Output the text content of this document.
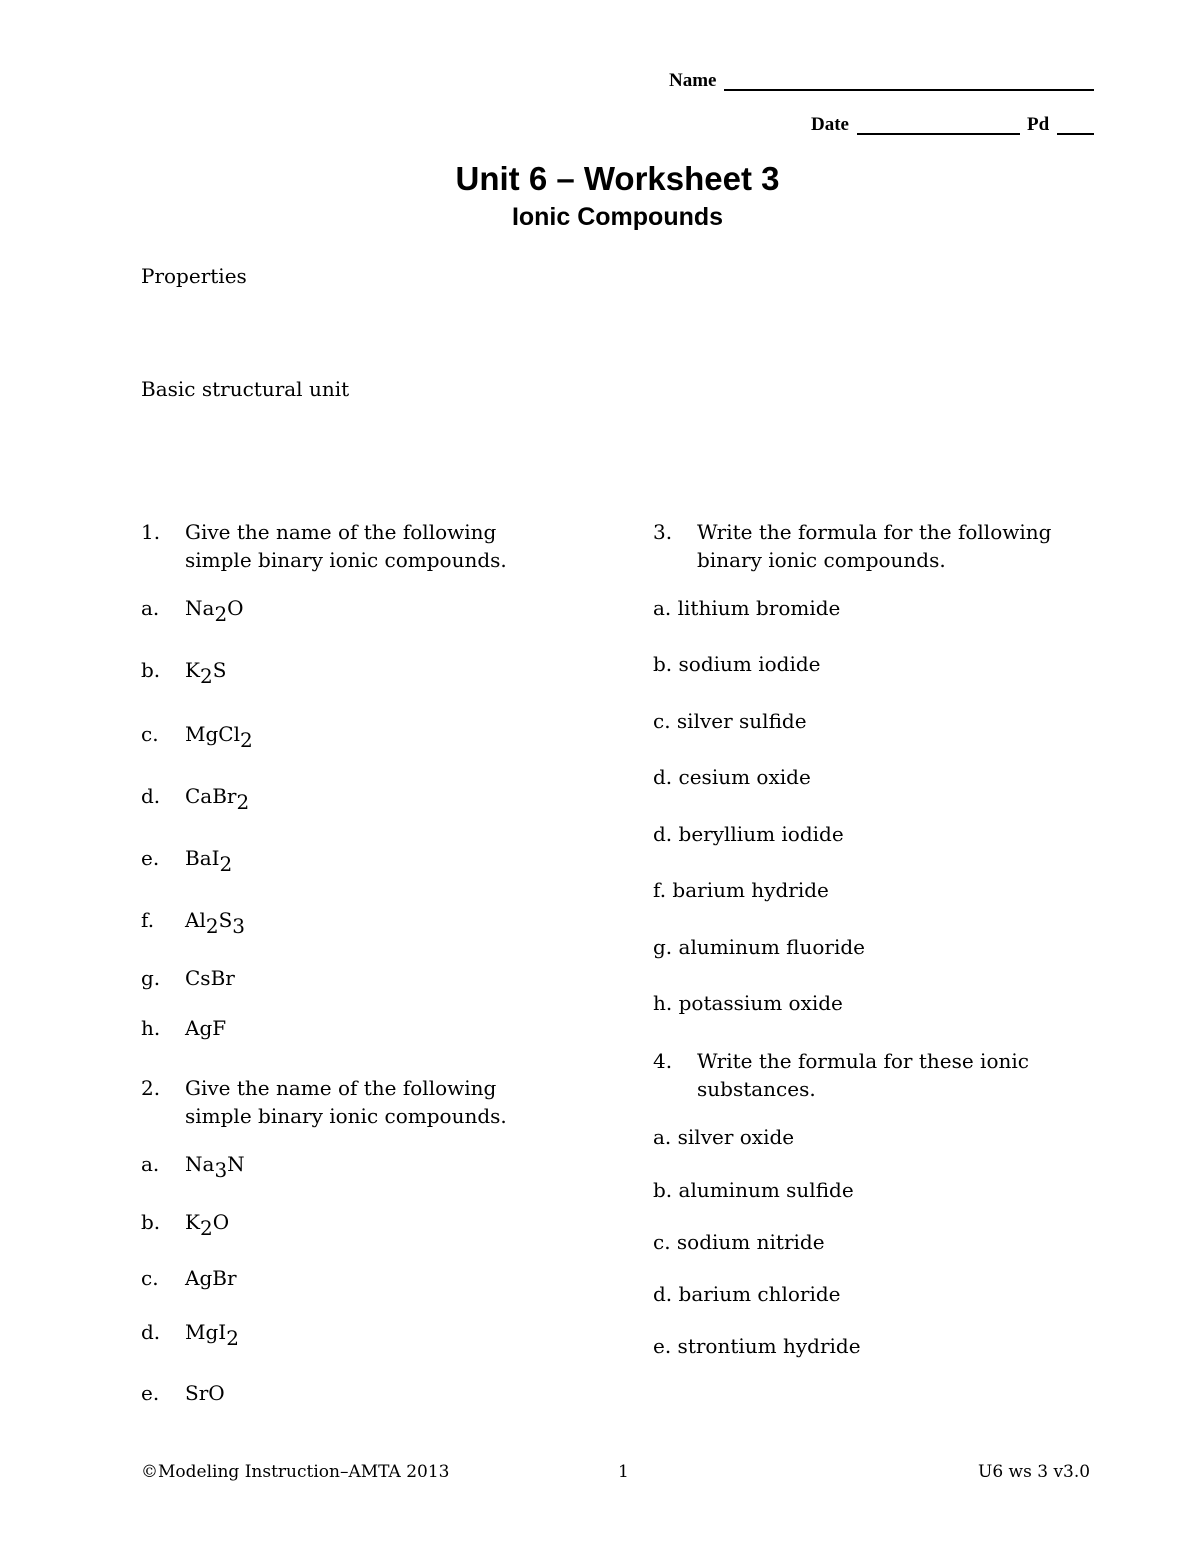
Name
Date	Pd
Unit 6 – Worksheet 3
Ionic Compounds
Properties
Basic structural unit
1. Give the name of the following
simple binary ionic compounds.
a. $Na_2O$
b. $K_2S$
c. MgCl$_2$
d. CaBr$_2$
e. BaI$_2$
f. $Al_2S_3$
g. CsBr
h. AgF
2. Give the name of the following
simple binary ionic compounds.
a. $Na_3N$
b. $K_2O$
c. AgBr
d. MgI$_2$
e. SrO
3. Write the formula for the following
binary ionic compounds.
a. lithium bromide
b. sodium iodide
c. silver sulfide
d. cesium oxide
d. beryllium iodide
f. barium hydride
g. aluminum fluoride
h. potassium oxide
4. Write the formula for these ionic
substances.
a. silver oxide
b. aluminum sulfide
c. sodium nitride
d. barium chloride
e. strontium hydride
©Modeling Instruction–AMTA 2013	1	U6 ws 3 v3.0
